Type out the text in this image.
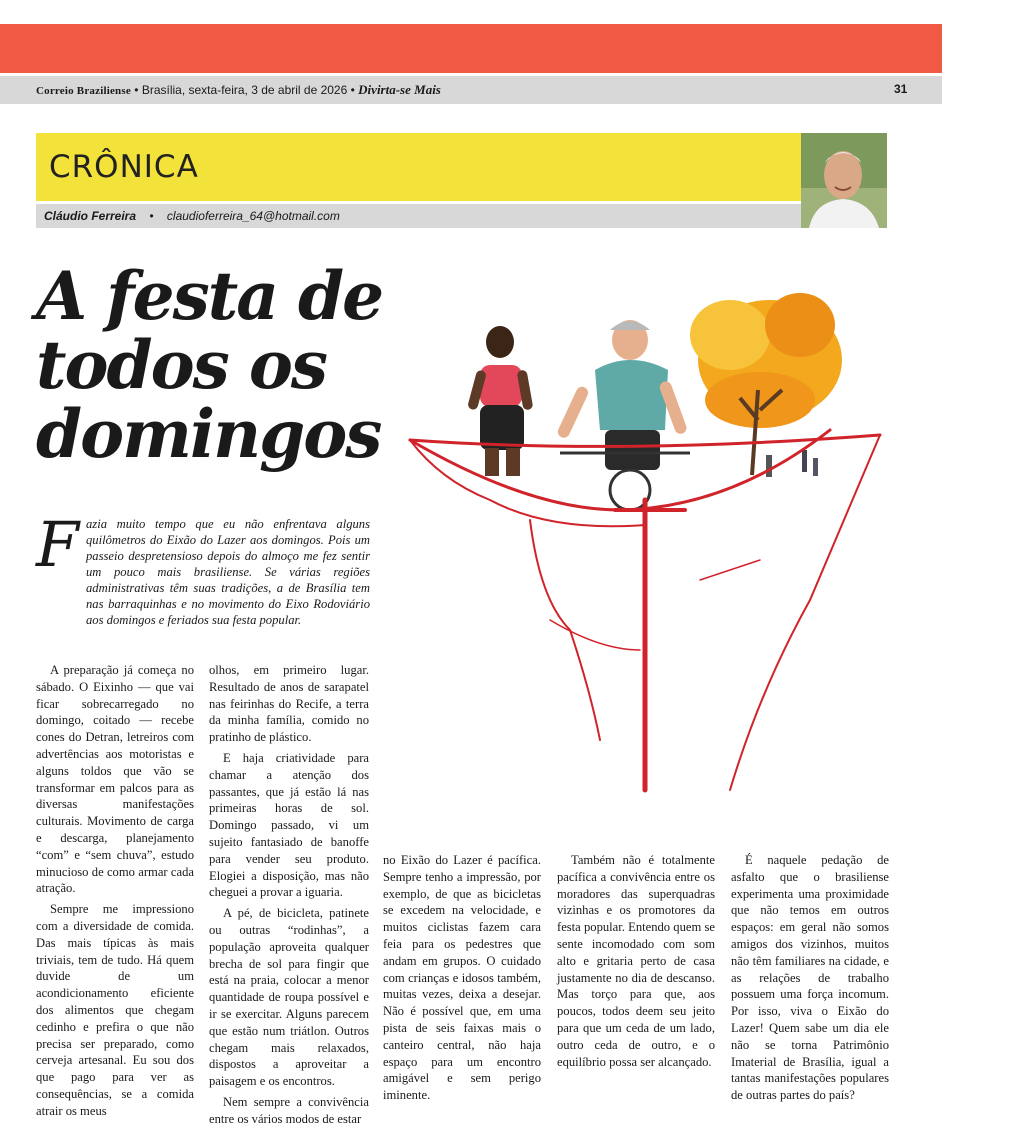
Correio Braziliense • Brasília, sexta-feira, 3 de abril de 2026 • Divirta-se Mais	31
CRÔNICA
Cláudio Ferreira • claudioferreira_64@hotmail.com
A festa de
todos os
domingos
F azia muito tempo que eu não enfrentava alguns quilômetros do Eixão do Lazer aos domingos. Pois um passeio despretensioso depois do almoço me fez sentir um pouco mais brasiliense. Se várias regiões administrativas têm suas tradições, a de Brasília tem nas barraquinhas e no movimento do Eixo Rodoviário aos domingos e feriados sua festa popular.

A preparação já começa no sábado. O Eixinho — que vai ficar sobrecarregado no domingo, coitado — recebe cones do Detran, letreiros com advertências aos motoristas e alguns toldos que vão se transformar em palcos para as diversas manifestações culturais. Movimento de carga e descarga, planejamento “com” e “sem chuva”, estudo minucioso de como armar cada atração.

Sempre me impressiono com a diversidade de comida. Das mais típicas às mais triviais, tem de tudo. Há quem duvide de um acondicionamento eficiente dos alimentos que chegam cedinho e prefira o que não precisa ser preparado, como cerveja artesanal. Eu sou dos que pago para ver as consequências, se a comida atrair os meus

olhos, em primeiro lugar. Resultado de anos de sarapatel nas feirinhas do Recife, a terra da minha família, comido no pratinho de plástico.

E haja criatividade para chamar a atenção dos passantes, que já estão lá nas primeiras horas de sol. Domingo passado, vi um sujeito fantasiado de banoffe para vender seu produto. Elogiei a disposição, mas não cheguei a provar a iguaria.

A pé, de bicicleta, patinete ou outras “rodinhas”, a população aproveita qualquer brecha de sol para fingir que está na praia, colocar a menor quantidade de roupa possível e ir se exercitar. Alguns parecem que estão num triátlon. Outros chegam mais relaxados, dispostos a aproveitar a paisagem e os encontros.

Nem sempre a convivência entre os vários modos de estar

no Eixão do Lazer é pacífica. Sempre tenho a impressão, por exemplo, de que as bicicletas se excedem na velocidade, e muitos ciclistas fazem cara feia para os pedestres que andam em grupos. O cuidado com crianças e idosos também, muitas vezes, deixa a desejar. Não é possível que, em uma pista de seis faixas mais o canteiro central, não haja espaço para um encontro amigável e sem perigo iminente.

Também não é totalmente pacífica a convivência entre os moradores das superquadras vizinhas e os promotores da festa popular. Entendo quem se sente incomodado com som alto e gritaria perto de casa justamente no dia de descanso. Mas torço para que, aos poucos, todos deem seu jeito para que um ceda de um lado, outro ceda de outro, e o equilíbrio possa ser alcançado.

É naquele pedação de asfalto que o brasiliense experimenta uma proximidade que não temos em outros espaços: em geral não somos amigos dos vizinhos, muitos não têm familiares na cidade, e as relações de trabalho possuem uma força incomum. Por isso, viva o Eixão do Lazer! Quem sabe um dia ele não se torna Patrimônio Imaterial de Brasília, igual a tantas manifestações populares de outras partes do país?
